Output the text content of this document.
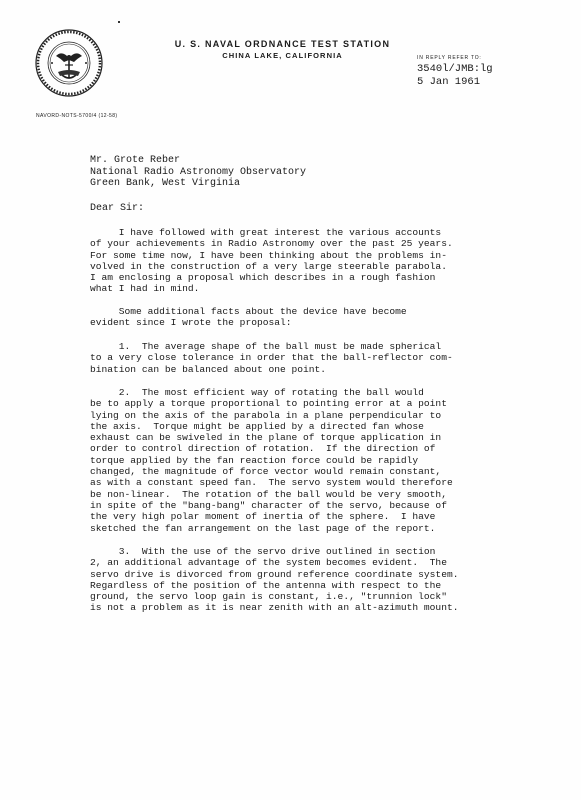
U. S. NAVAL ORDNANCE TEST STATION
CHINA LAKE, CALIFORNIA	IN REPLY REFER TO:
3540l/JMB:lg
5 Jan 1961
NAVORD-NOTS-5700/4 (12-58)
Mr. Grote Reber
National Radio Astronomy Observatory
Green Bank, West Virginia
Dear Sir:
I have followed with great interest the various accounts
of your achievements in Radio Astronomy over the past 25 years.
For some time now, I have been thinking about the problems in-
volved in the construction of a very large steerable parabola.
I am enclosing a proposal which describes in a rough fashion
what I had in mind.
Some additional facts about the device have become
evident since I wrote the proposal:
1.  The average shape of the ball must be made spherical
to a very close tolerance in order that the ball-reflector com-
bination can be balanced about one point.
2.  The most efficient way of rotating the ball would
be to apply a torque proportional to pointing error at a point
lying on the axis of the parabola in a plane perpendicular to
the axis.  Torque might be applied by a directed fan whose
exhaust can be swiveled in the plane of torque application in
order to control direction of rotation.  If the direction of
torque applied by the fan reaction force could be rapidly
changed, the magnitude of force vector would remain constant,
as with a constant speed fan.  The servo system would therefore
be non-linear.  The rotation of the ball would be very smooth,
in spite of the "bang-bang" character of the servo, because of
the very high polar moment of inertia of the sphere.  I have
sketched the fan arrangement on the last page of the report.
3.  With the use of the servo drive outlined in section
2, an additional advantage of the system becomes evident.  The
servo drive is divorced from ground reference coordinate system.
Regardless of the position of the antenna with respect to the
ground, the servo loop gain is constant, i.e., "trunnion lock"
is not a problem as it is near zenith with an alt-azimuth mount.
